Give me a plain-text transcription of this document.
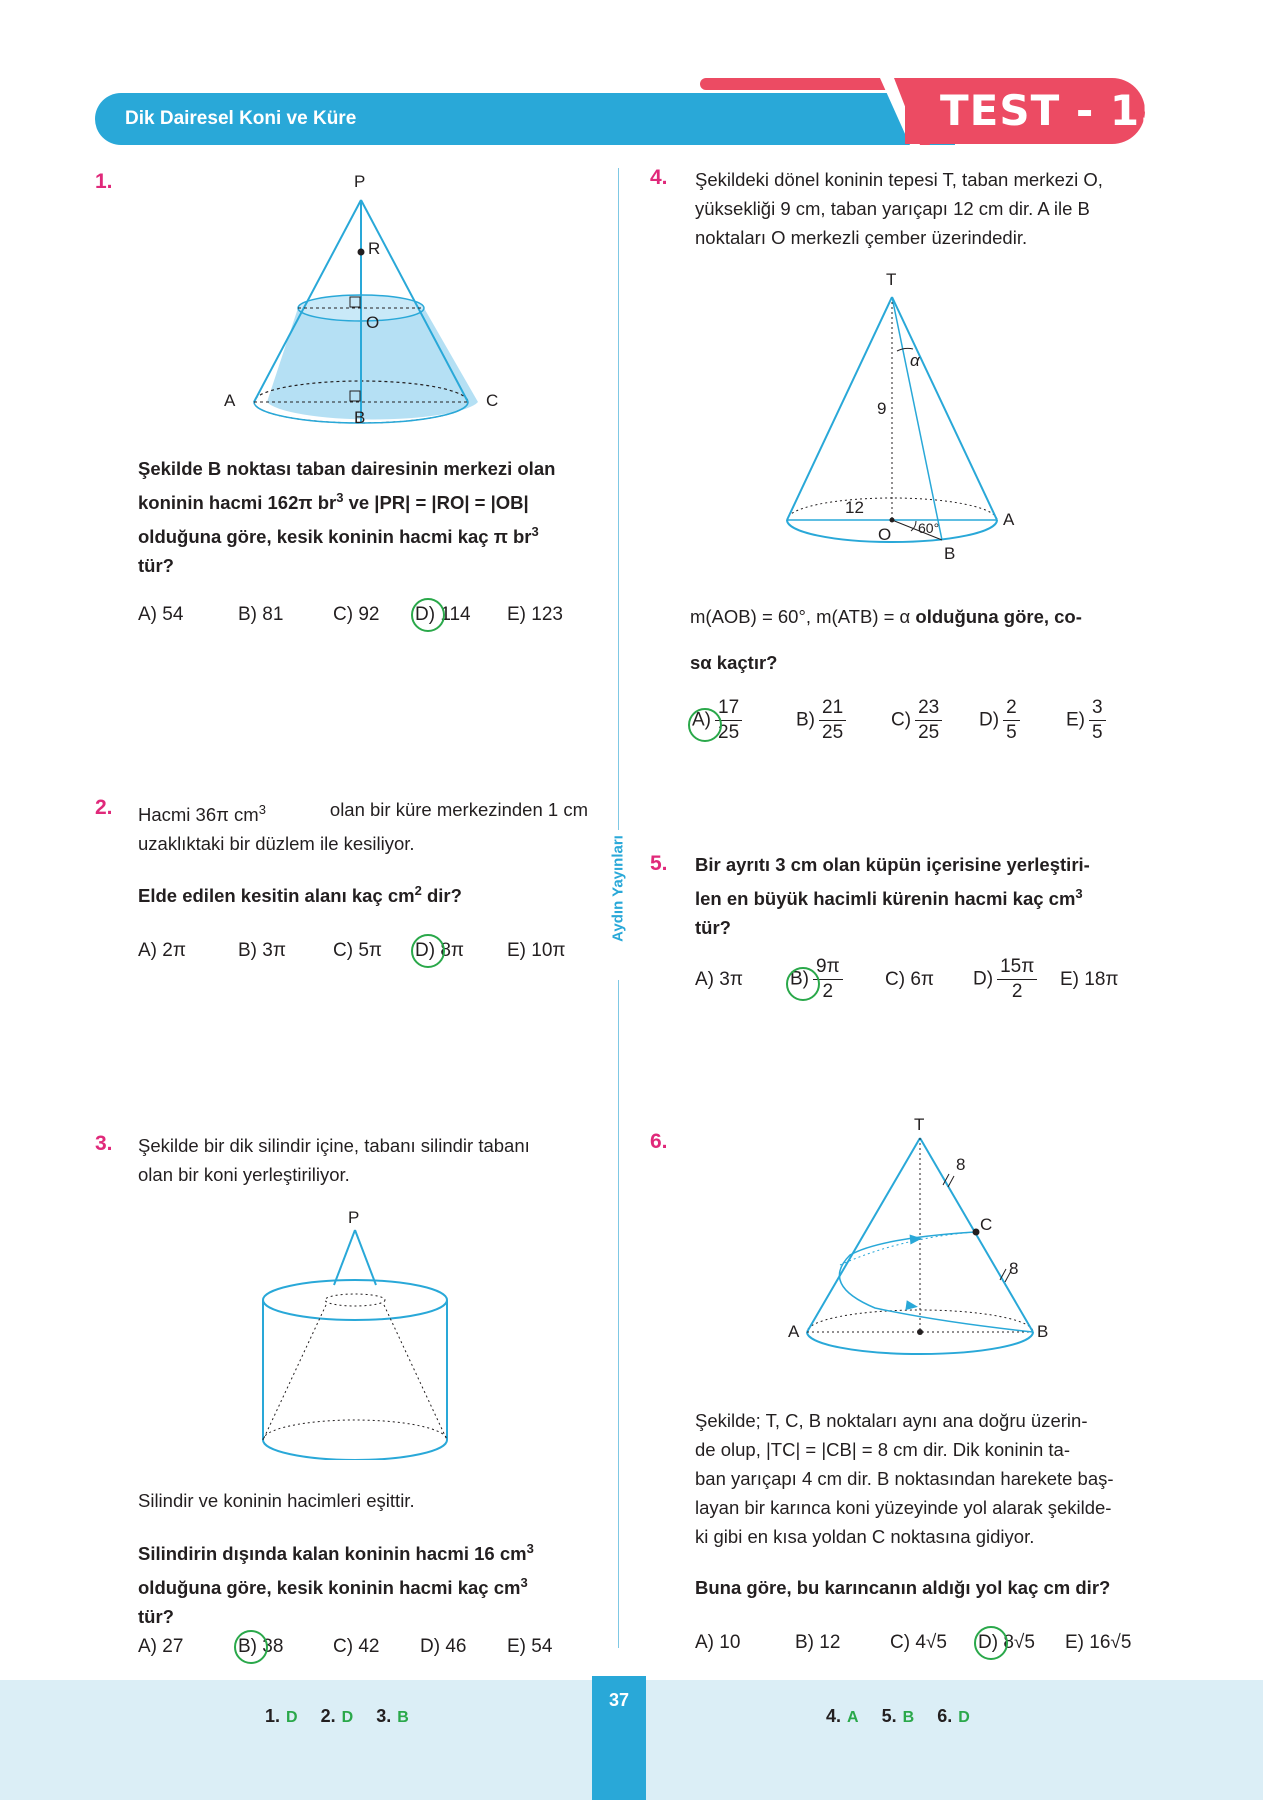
Dik Dairesel Koni ve Küre	TEST - 15
Aydın Yayınları
1.	P
R
O
A
B
C
Şekilde B noktası taban dairesinin merkezi olan
koninin hacmi 162π $br^3$ ve |PR| = |RO| = |OB|
olduğuna göre, kesik koninin hacmi kaç π $br^3$
tür?
A) 54	B) 81	C) 92	D) 114	E) 123
2. Hacmi 36π $cm^3$	olan bir küre merkezinden 1 cm
uzaklıktaki bir düzlem ile kesiliyor.
Elde edilen kesitin alanı kaç $cm^2$ dir?
A) 2π	B) 3π	C) 5π	D) 8π	E) 10π
3. Şekilde bir dik silindir içine, tabanı silindir tabanı
olan bir koni yerleştiriliyor.
P
Silindir ve koninin hacimleri eşittir.
Silindirin dışında kalan koninin hacmi 16 $cm^3$
olduğuna göre, kesik koninin hacmi kaç $cm^3$
tür?
A) 27	B) 38	C) 42	D) 46	E) 54
4. Şekildeki dönel koninin tepesi T, taban merkezi O,
yüksekliği 9 cm, taban yarıçapı 12 cm dir. A ile B
noktaları O merkezli çember üzerindedir.
T
α
9
12
O 60°	A
B
m(AOB) = 60°, m(ATB) = α olduğuna göre, co-
sα kaçtır?
$A) \frac{17}{25}$	$B) \frac{21}{25} C) \frac{23}{25} D) \frac{2}{5} E) \frac{3}{5}$
5. Bir ayrıtı 3 cm olan küpün içerisine yerleştiri-
len en büyük hacimli kürenin hacmi kaç $cm^3$
tür?
A) 3π	$B) \frac{9\pi}{2} C$) 6π	$D) \frac{15\pi}{2} E$) 18π
6.
T
8
C
8
A	B
Şekilde; T, C, B noktaları aynı ana doğru üzerin-
de olup, |TC| = |CB| = 8 cm dir. Dik koninin ta-
ban yarıçapı 4 cm dir. B noktasından harekete baş-
layan bir karınca koni yüzeyinde yol alarak şekilde-
ki gibi en kısa yoldan C noktasına gidiyor.
Buna göre, bu karıncanın aldığı yol kaç cm dir?
A) 10	B) 12	C) 4√5	D) 8√5	E) 16√5
37
1. D 2. D 3. B	4. A 5. B 6. D
